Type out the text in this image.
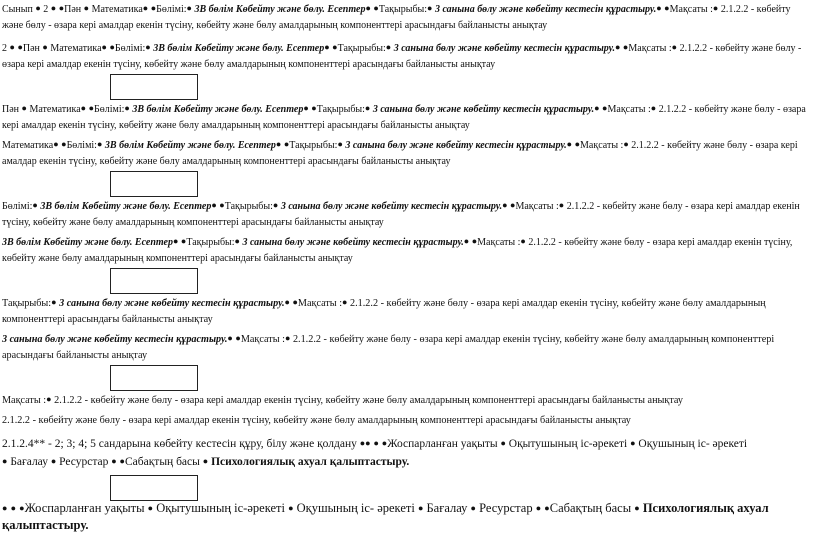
Сынып ● 2 ● ●Пән ● Математика● ●Бөлімі:● 3В бөлім Көбейту және бөлу. Есептер● ●Тақырыбы:● 3 санына бөлу және көбейту кестесін құрастыру.● ●Мақсаты :● 2.1.2.2 - көбейту және бөлу - өзара кері амалдар екенін түсіну, көбейту және бөлу амалдарының компоненттері арасындағы байланысты анықтау

2 ● ●Пән ● Математика● ●Бөлімі:● 3В бөлім Көбейту және бөлу. Есептер● ●Тақырыбы:● 3 санына бөлу және көбейту кестесін құрастыру.● ●Мақсаты :● 2.1.2.2 - көбейту және бөлу - өзара кері амалдар екенін түсіну, көбейту және бөлу амалдарының компоненттері арасындағы байланысты анықтау

Пән ● Математика● ●Бөлімі:● 3В бөлім Көбейту және бөлу. Есептер● ●Тақырыбы:● 3 санына бөлу және көбейту кестесін құрастыру.● ●Мақсаты :● 2.1.2.2 - көбейту және бөлу - өзара кері амалдар екенін түсіну, көбейту және бөлу амалдарының компоненттері арасындағы байланысты анықтау

Математика● ●Бөлімі:● 3В бөлім Көбейту және бөлу. Есептер● ●Тақырыбы:● 3 санына бөлу және көбейту кестесін құрастыру.● ●Мақсаты :● 2.1.2.2 - көбейту және бөлу - өзара кері амалдар екенін түсіну, көбейту және бөлу амалдарының компоненттері арасындағы байланысты анықтау

Бөлімі:● 3В бөлім Көбейту және бөлу. Есептер● ●Тақырыбы:● 3 санына бөлу және көбейту кестесін құрастыру.● ●Мақсаты :● 2.1.2.2 - көбейту және бөлу - өзара кері амалдар екенін түсіну, көбейту және бөлу амалдарының компоненттері арасындағы байланысты анықтау

3В бөлім Көбейту және бөлу. Есептер● ●Тақырыбы:● 3 санына бөлу және көбейту кестесін құрастыру.● ●Мақсаты :● 2.1.2.2 - көбейту және бөлу - өзара кері амалдар екенін түсіну, көбейту және бөлу амалдарының компоненттері арасындағы байланысты анықтау

Тақырыбы:● 3 санына бөлу және көбейту кестесін құрастыру.● ●Мақсаты :● 2.1.2.2 - көбейту және бөлу - өзара кері амалдар екенін түсіну, көбейту және бөлу амалдарының компоненттері арасындағы байланысты анықтау

3 санына бөлу және көбейту кестесін құрастыру.● ●Мақсаты :● 2.1.2.2 - көбейту және бөлу - өзара кері амалдар екенін түсіну, көбейту және бөлу амалдарының компоненттері арасындағы байланысты анықтау

Мақсаты :● 2.1.2.2 - көбейту және бөлу - өзара кері амалдар екенін түсіну, көбейту және бөлу амалдарының компоненттері арасындағы байланысты анықтау

2.1.2.2 - көбейту және бөлу - өзара кері амалдар екенін түсіну, көбейту және бөлу амалдарының компоненттері арасындағы байланысты анықтау

2.1.2.4** - 2; 3; 4; 5 сандарына көбейту кестесін құру, білу және қолдану ●● ● ●Жоспарланған уақыты ● Оқытушының іс-әрекеті ● Оқушының іс- әрекеті
● Бағалау ● Ресурстар ● ●Сабақтың басы ● Психологиялық ахуал қалыптастыру.

● ● ●Жоспарланған уақыты ● Оқытушының іс-әрекеті ● Оқушының іс- әрекеті ● Бағалау ● Ресурстар ● ●Сабақтың басы ● Психологиялық ахуал қалыптастыру.
